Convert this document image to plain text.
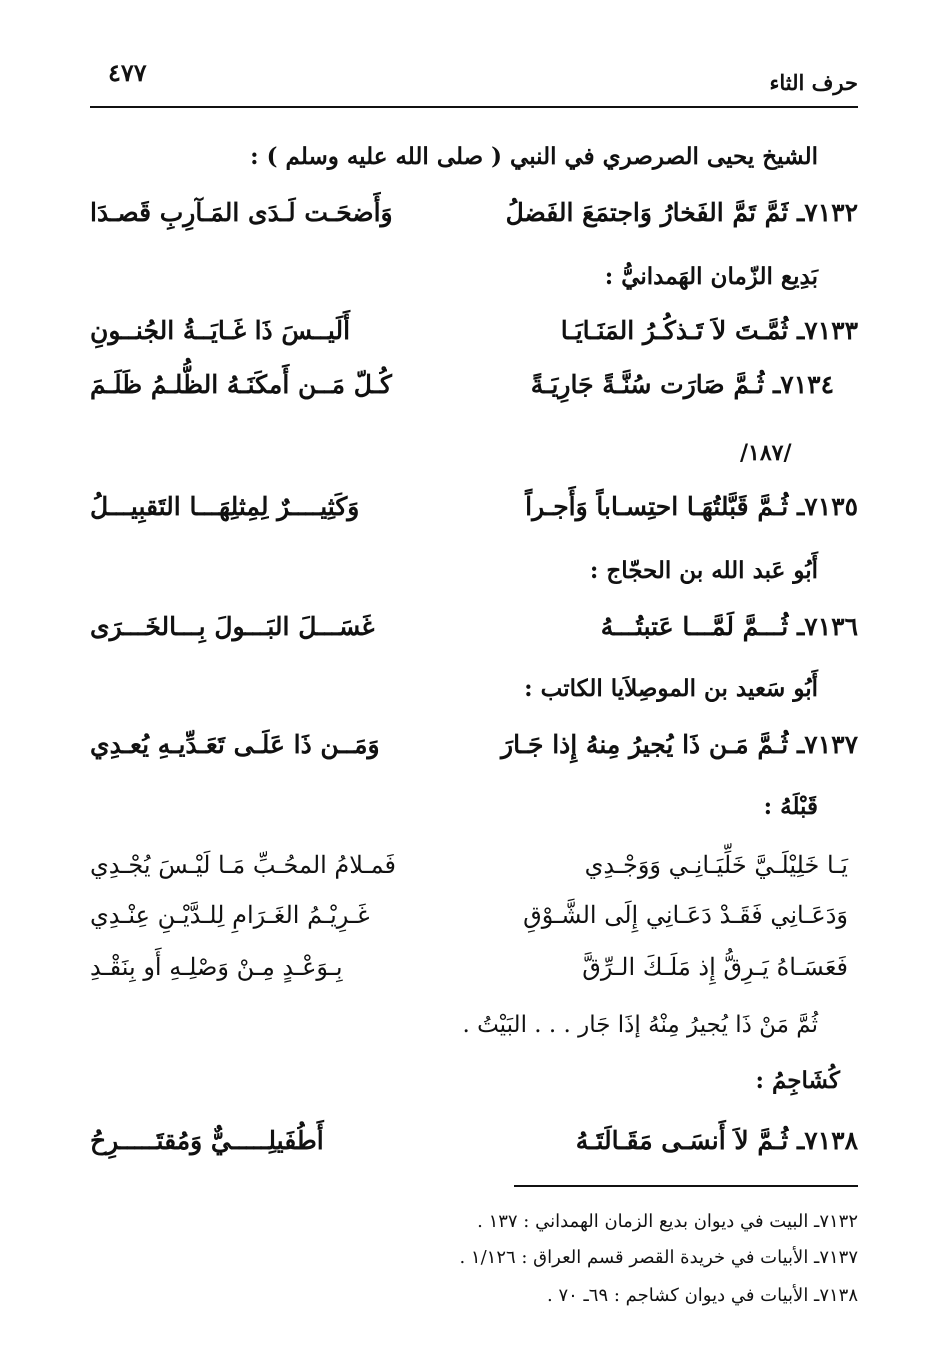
حرف الثاء
٤٧٧
الشيخ يحيى الصرصري في النبي ( صلى الله عليه وسلم ) :
٧١٣٢ـ ثَمَّ تَمَّ الفَخارُ وَاجتمَعَ الفَضلُ
وَأَضحَـت لَـدَى المَـآرِبِ قَصـدَا
بَدِيع الزّمان الهَمدانيُّ :
٧١٣٣ـ ثُمَّـتَ لاَ تَـذكُـرُ المَنَـايَـا
أَلَيــسَ ذَا غَـايَــةُ الجُنــونِ
٧١٣٤ـ ثُـمَّ صَارَت سُنَّـةً جَارِيَـةً
كُـلّ مَــن أَمكَنَـهُ الظُّلـمُ ظَلَـمَ
/١٨٧/
٧١٣٥ـ ثُـمَّ قَبَّلتُهَـا احتِسـاباً وَأَجـراً
وَكَثِيــــرٌ لِمِثلِهَـــا التَقبِيـــلُ
أَبُو عَبد الله بن الحجّاج :
٧١٣٦ـ ثُـــمَّ لَمَّـــا عَتبتُـــهُ
غَسَـــلَ البَـــولَ بِـــالخَـــرَى
أَبُو سَعيد بن الموصِلاَيا الكاتب :
٧١٣٧ـ ثُـمَّ مَـن ذَا يُجيرُ مِنهُ إِذا جَـارَ
وَمَــن ذَا عَلَـى تَعَـدِّيـهِ يُعـدِي
قَبْلَهُ :
يَـا خَلِيْلَـيَّ خَلِّيَـانِـي وَوَجْـدِي
فَمـلامُ المحُـبِّ مَـا لَيْـسَ يُجْـدِي
وَدَعَـانِي فَقَـدْ دَعَـانِي إِلَى الشَّـوْقِ
غَـرِيْـمُ الغَـرَامِ لِلـدَّيْـنِ عِنْـدِي
فَعَسَـاهُ يَـرِقُّ إِذ مَلَـكَ الـرِّقَّ
بِـوَعْـدٍ مِـنْ وَصْلِـهِ أَو بِنَقْـدِ
ثُمَّ مَنْ ذَا يُجيرُ مِنْهُ إذَا جَار . . . البَيْتُ .
كُشَاجِمُ :
٧١٣٨ـ ثُـمَّ لاَ أَنسَـى مَقَـالَتَـهُ
أَطُفَيلِـــــيٌّ وَمُقتَـــــرِحُ
٧١٣٢ـ البيت في ديوان بديع الزمان الهمداني : ١٣٧ .
٧١٣٧ـ الأبيات في خريدة القصر قسم العراق : ١/١٢٦ .
٧١٣٨ـ الأبيات في ديوان كشاجم : ٦٩ـ ٧٠ .
